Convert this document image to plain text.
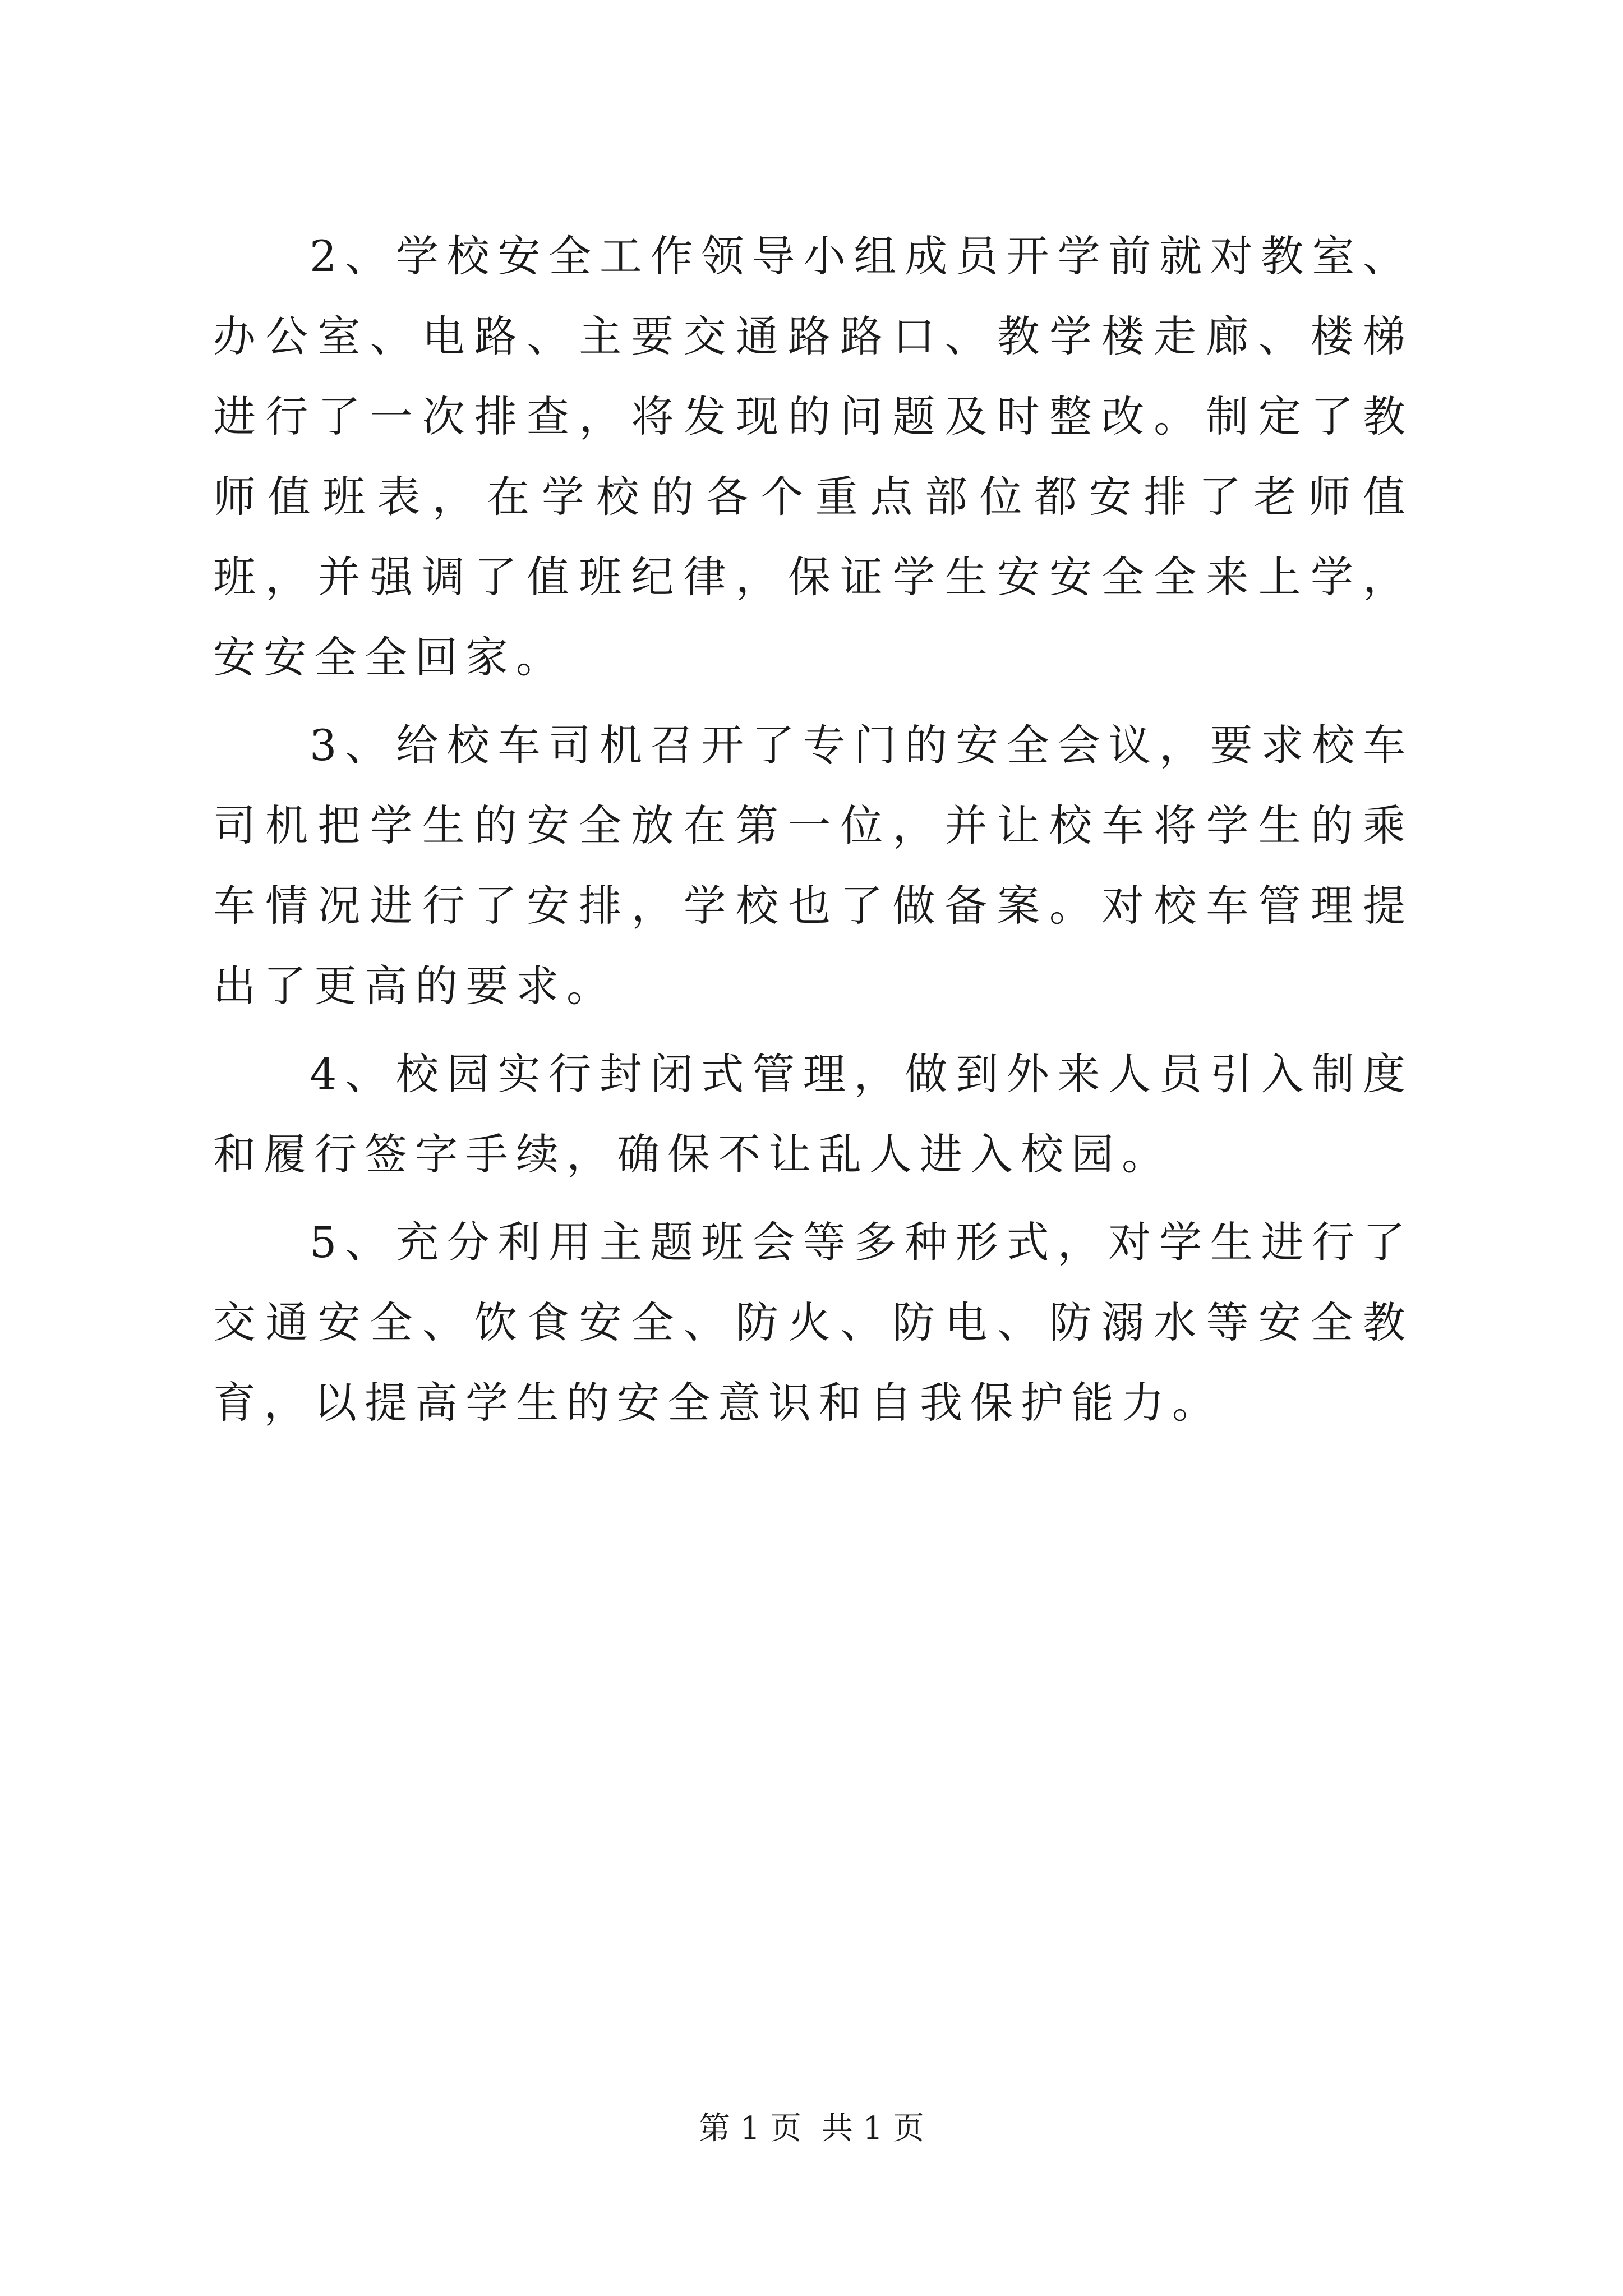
2、学校安全工作领导小组成员开学前就对教室、办公室、电路、主要交通路路口、教学楼走廊、楼梯进行了一次排查，将发现的问题及时整改。制定了教师值班表，在学校的各个重点部位都安排了老师值班，并强调了值班纪律，保证学生安安全全来上学，安安全全回家。

3、给校车司机召开了专门的安全会议，要求校车司机把学生的安全放在第一位，并让校车将学生的乘车情况进行了安排，学校也了做备案。对校车管理提出了更高的要求。

4、校园实行封闭式管理，做到外来人员引入制度和履行签字手续，确保不让乱人进入校园。

5、充分利用主题班会等多种形式，对学生进行了交通安全、饮食安全、防火、防电、防溺水等安全教育，以提高学生的安全意识和自我保护能力。

第 1 页  共 1 页
